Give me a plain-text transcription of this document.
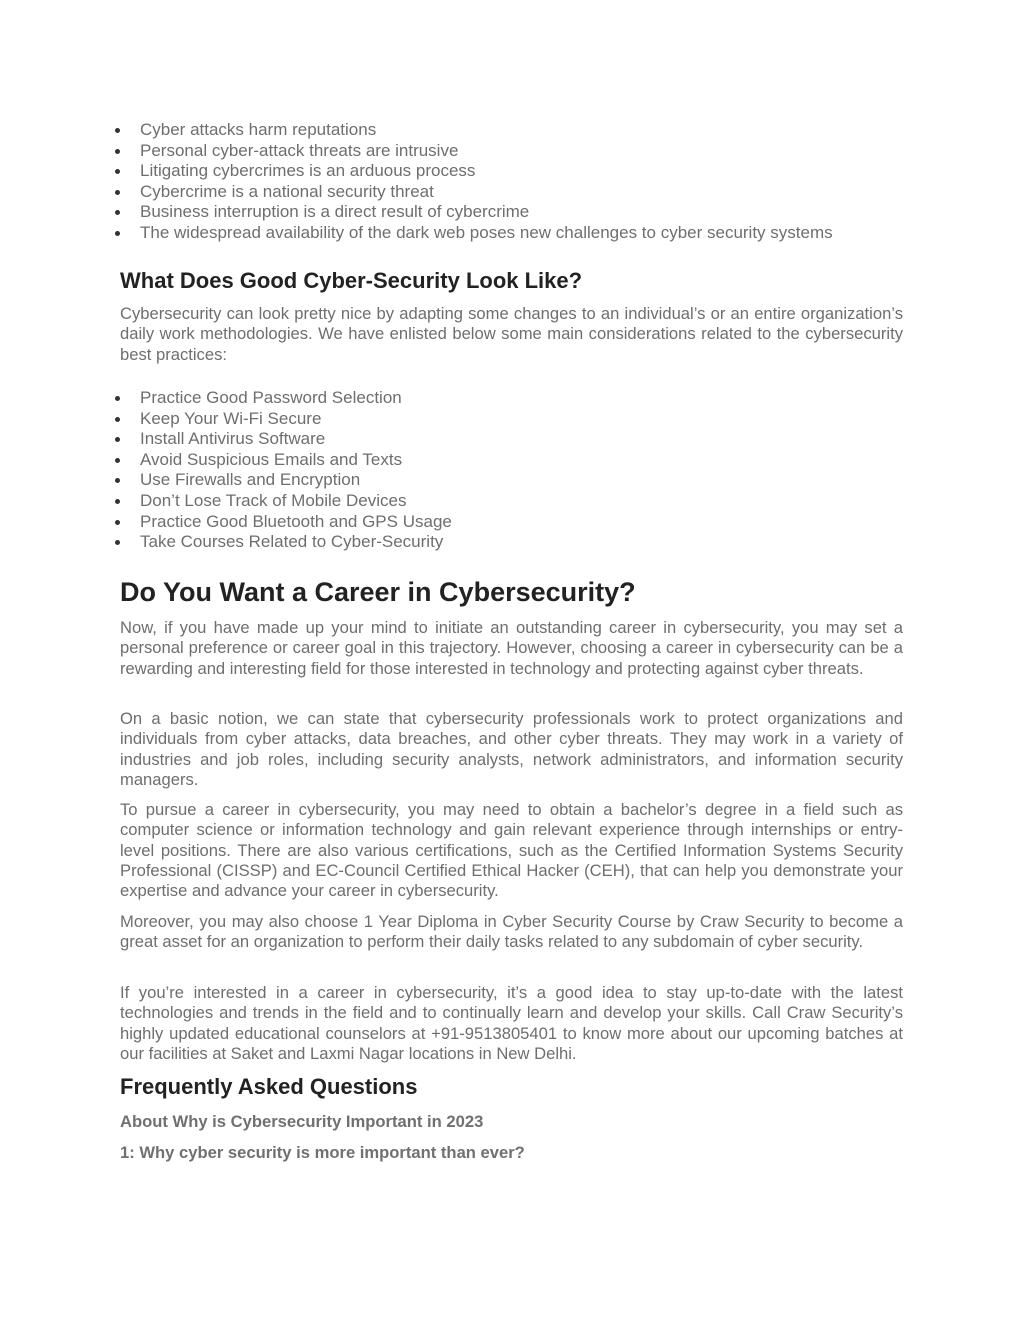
Cyber attacks harm reputations
Personal cyber-attack threats are intrusive
Litigating cybercrimes is an arduous process
Cybercrime is a national security threat
Business interruption is a direct result of cybercrime
The widespread availability of the dark web poses new challenges to cyber security systems
What Does Good Cyber-Security Look Like?

Cybersecurity can look pretty nice by adapting some changes to an individual’s or an entire organization’s daily work methodologies. We have enlisted below some main considerations related to the cybersecurity best practices:

Practice Good Password Selection
Keep Your Wi-Fi Secure
Install Antivirus Software
Avoid Suspicious Emails and Texts
Use Firewalls and Encryption
Don’t Lose Track of Mobile Devices
Practice Good Bluetooth and GPS Usage
Take Courses Related to Cyber-Security
Do You Want a Career in Cybersecurity?

Now, if you have made up your mind to initiate an outstanding career in cybersecurity, you may set a personal preference or career goal in this trajectory. However, choosing a career in cybersecurity can be a rewarding and interesting field for those interested in technology and protecting against cyber threats.

On a basic notion, we can state that cybersecurity professionals work to protect organizations and individuals from cyber attacks, data breaches, and other cyber threats. They may work in a variety of industries and job roles, including security analysts, network administrators, and information security managers.

To pursue a career in cybersecurity, you may need to obtain a bachelor’s degree in a field such as computer science or information technology and gain relevant experience through internships or entry-level positions. There are also various certifications, such as the Certified Information Systems Security Professional (CISSP) and EC-Council Certified Ethical Hacker (CEH), that can help you demonstrate your expertise and advance your career in cybersecurity.

Moreover, you may also choose 1 Year Diploma in Cyber Security Course by Craw Security to become a great asset for an organization to perform their daily tasks related to any subdomain of cyber security.

If you’re interested in a career in cybersecurity, it’s a good idea to stay up-to-date with the latest technologies and trends in the field and to continually learn and develop your skills. Call Craw Security’s highly updated educational counselors at +91-9513805401 to know more about our upcoming batches at our facilities at Saket and Laxmi Nagar locations in New Delhi.

Frequently Asked Questions

About Why is Cybersecurity Important in 2023

1: Why cyber security is more important than ever?
